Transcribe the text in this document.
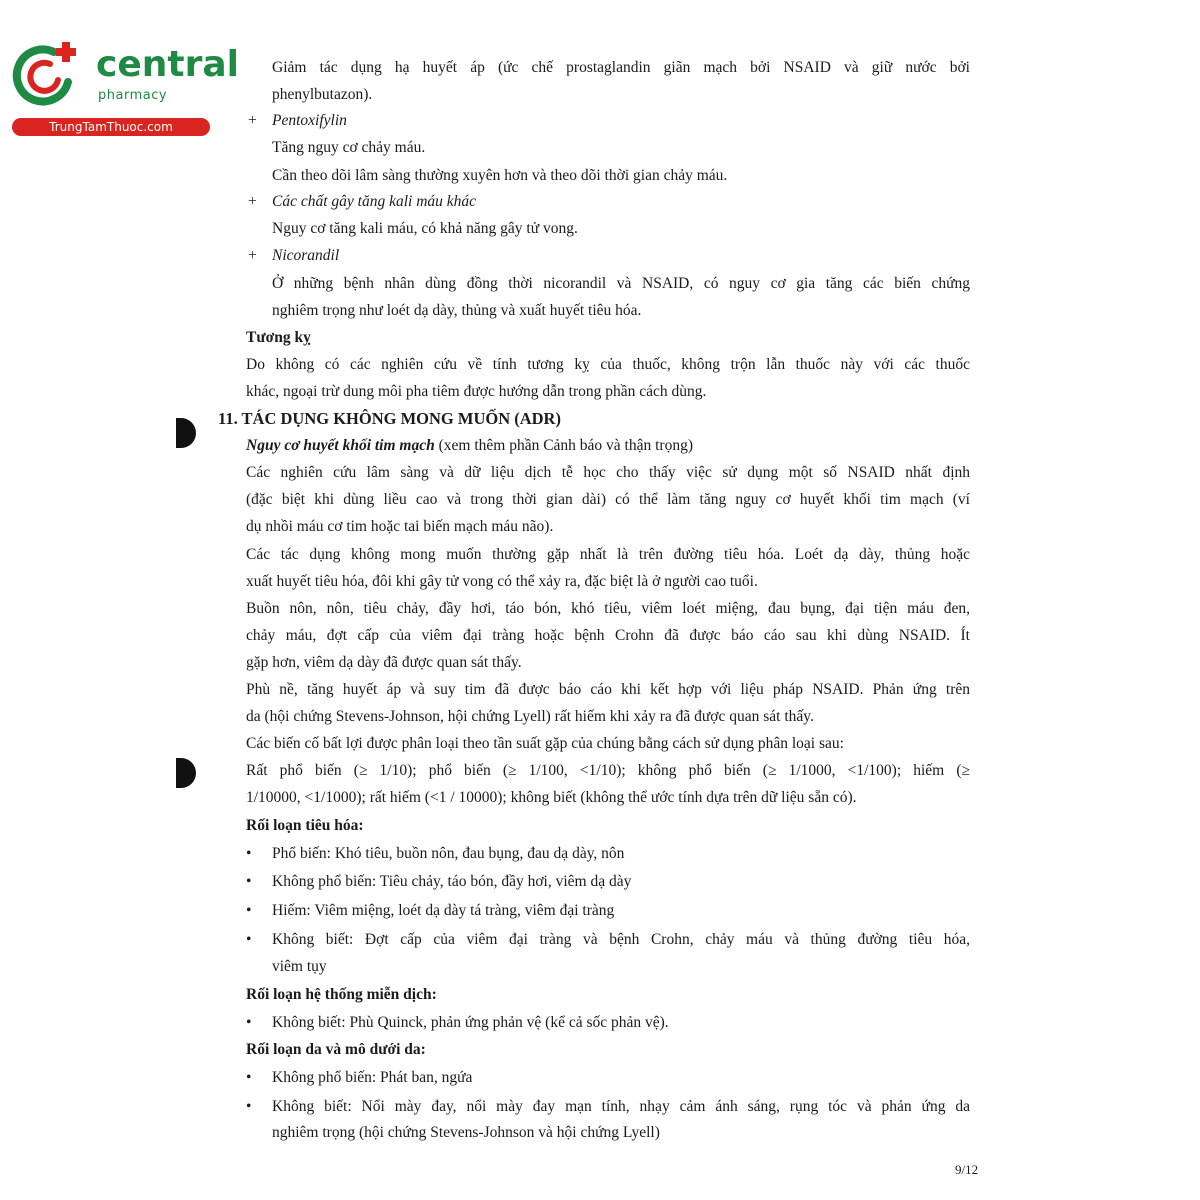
central
pharmacy
TrungTamThuoc.com
Giảm tác dụng hạ huyết áp (ức chế prostaglandin giãn mạch bởi NSAID và giữ nước bởi
phenylbutazon).
+ Pentoxifylin
Tăng nguy cơ chảy máu.
Cần theo dõi lâm sàng thường xuyên hơn và theo dõi thời gian chảy máu.
+ Các chất gây tăng kali máu khác
Nguy cơ tăng kali máu, có khả năng gây tử vong.
+ Nicorandil
Ở những bệnh nhân dùng đồng thời nicorandil và NSAID, có nguy cơ gia tăng các biến chứng
nghiêm trọng như loét dạ dày, thủng và xuất huyết tiêu hóa.
Tương kỵ
Do không có các nghiên cứu về tính tương kỵ của thuốc, không trộn lẫn thuốc này với các thuốc
khác, ngoại trừ dung môi pha tiêm được hướng dẫn trong phần cách dùng.
11. TÁC DỤNG KHÔNG MONG MUỐN (ADR)
Nguy cơ huyết khối tim mạch (xem thêm phần Cảnh báo và thận trọng)
Các nghiên cứu lâm sàng và dữ liệu dịch tễ học cho thấy việc sử dụng một số NSAID nhất định
(đặc biệt khi dùng liều cao và trong thời gian dài) có thể làm tăng nguy cơ huyết khối tim mạch (ví
dụ nhồi máu cơ tim hoặc tai biến mạch máu não).
Các tác dụng không mong muốn thường gặp nhất là trên đường tiêu hóa. Loét dạ dày, thủng hoặc
xuất huyết tiêu hóa, đôi khi gây tử vong có thể xảy ra, đặc biệt là ở người cao tuổi.
Buồn nôn, nôn, tiêu chảy, đầy hơi, táo bón, khó tiêu, viêm loét miệng, đau bụng, đại tiện máu đen,
chảy máu, đợt cấp của viêm đại tràng hoặc bệnh Crohn đã được báo cáo sau khi dùng NSAID. Ít
gặp hơn, viêm dạ dày đã được quan sát thấy.
Phù nề, tăng huyết áp và suy tim đã được báo cáo khi kết hợp với liệu pháp NSAID. Phản ứng trên
da (hội chứng Stevens-Johnson, hội chứng Lyell) rất hiếm khi xảy ra đã được quan sát thấy.
Các biến cố bất lợi được phân loại theo tần suất gặp của chúng bằng cách sử dụng phân loại sau:
Rất phổ biến (≥ 1/10); phổ biến (≥ 1/100, <1/10); không phổ biến (≥ 1/1000, <1/100); hiếm (≥
1/10000, <1/1000); rất hiếm (<1 / 10000); không biết (không thể ước tính dựa trên dữ liệu sẵn có).
Rối loạn tiêu hóa:
• Phổ biến: Khó tiêu, buồn nôn, đau bụng, đau dạ dày, nôn
• Không phổ biến: Tiêu chảy, táo bón, đầy hơi, viêm dạ dày
• Hiếm: Viêm miệng, loét dạ dày tá tràng, viêm đại tràng
• Không biết: Đợt cấp của viêm đại tràng và bệnh Crohn, chảy máu và thủng đường tiêu hóa,
viêm tụy
Rối loạn hệ thống miễn dịch:
• Không biết: Phù Quinck, phản ứng phản vệ (kể cả sốc phản vệ).
Rối loạn da và mô dưới da:
• Không phổ biến: Phát ban, ngứa
• Không biết: Nổi mày đay, nổi mày đay mạn tính, nhạy cảm ánh sáng, rụng tóc và phản ứng da
nghiêm trọng (hội chứng Stevens-Johnson và hội chứng Lyell)
9/12
